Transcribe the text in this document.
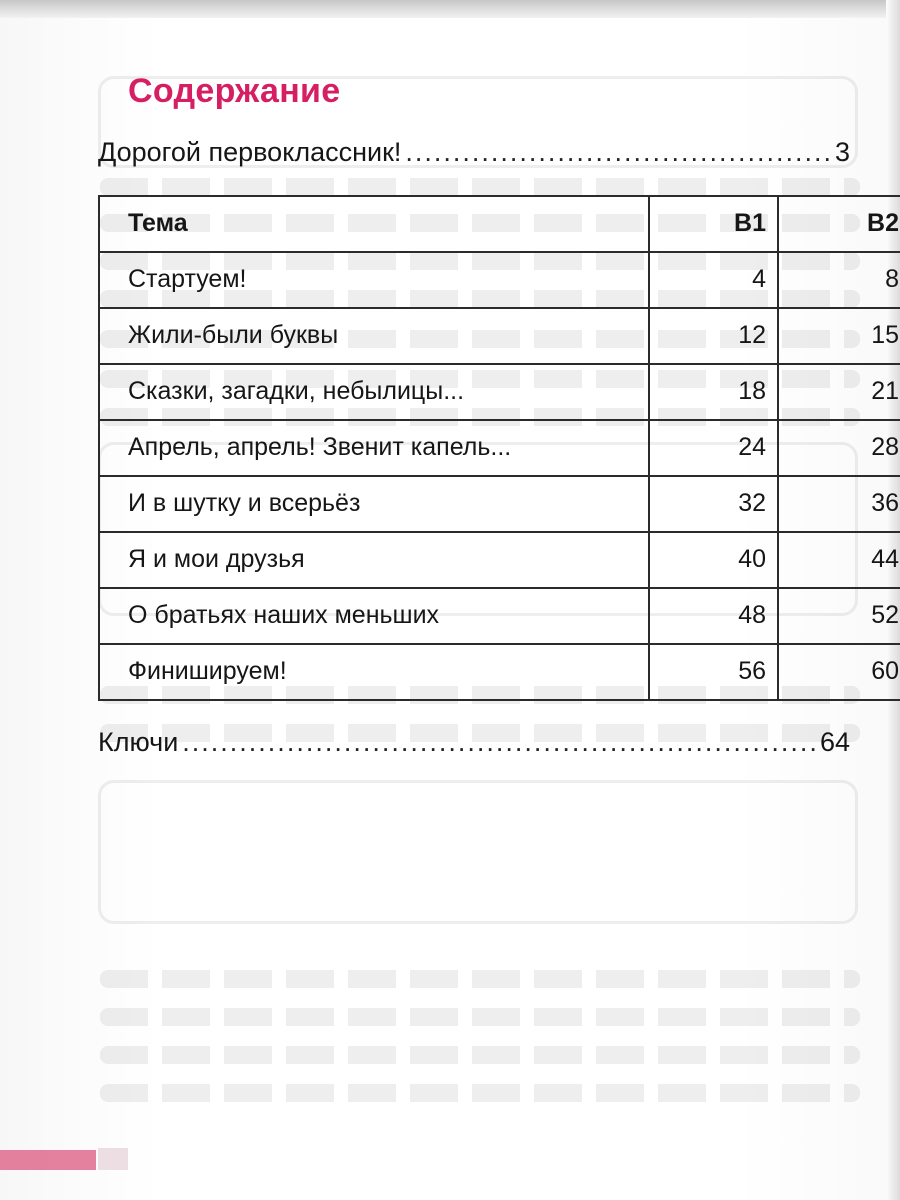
Содержание
Дорогой первоклассник! .....	3
Тема	В1	В2
Стартуем!	4	8
Жили-были буквы	12	15
Сказки, загадки, небылицы...	18	21
Апрель, апрель! Звенит капель...	24	28
И в шутку и всерьёз	32	36
Я и мои друзья	40	44
О братьях наших меньших	48	52
Финишируем!	56	60
Ключи .....	64
